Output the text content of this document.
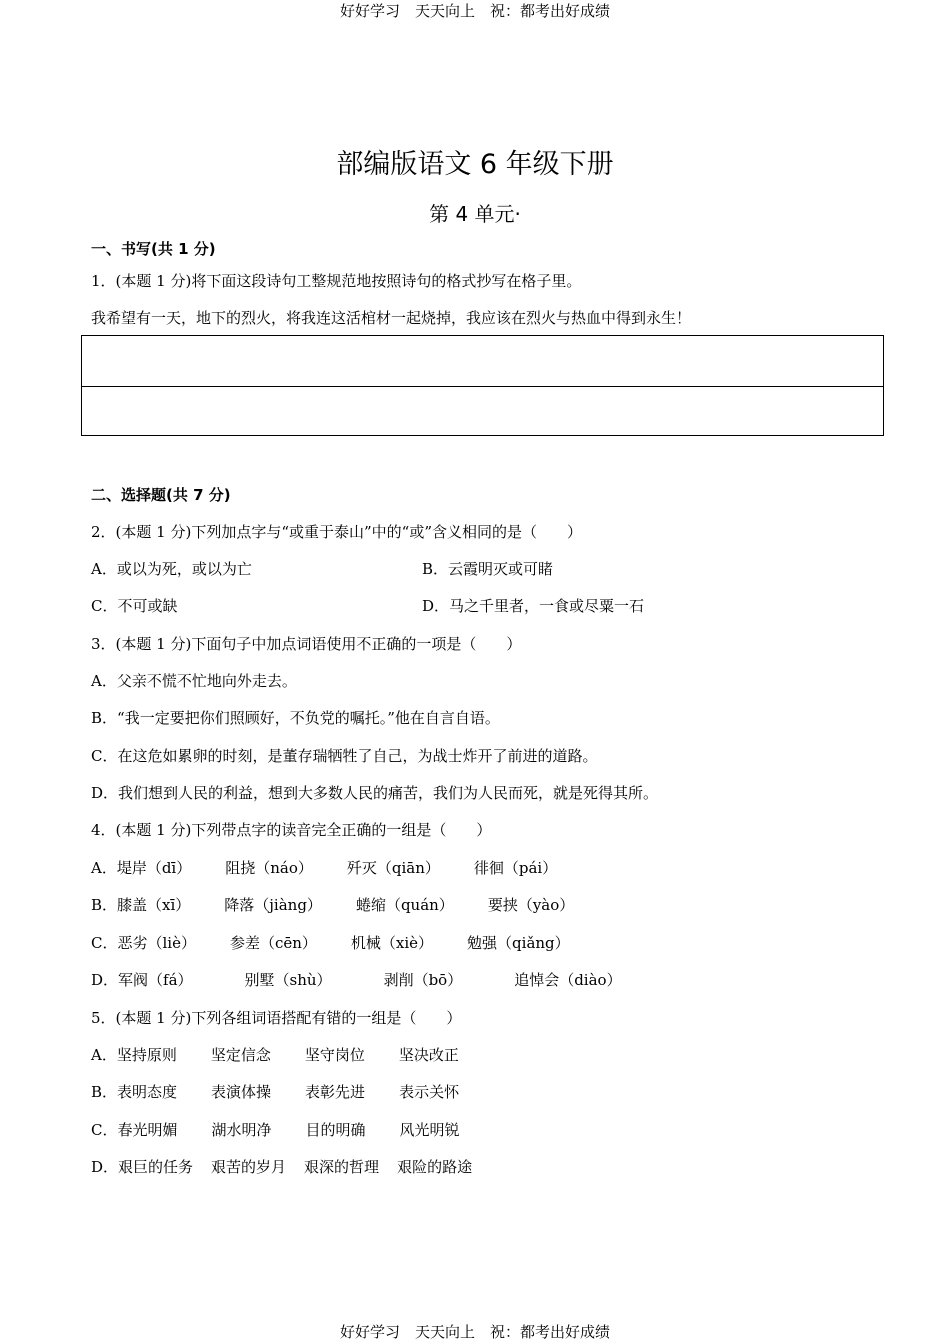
好好学习　天天向上　祝：都考出好成绩
部编版语文 6 年级下册
第 4 单元·
一、书写(共 1 分)
1．(本题 1 分)将下面这段诗句工整规范地按照诗句的格式抄写在格子里。
我希望有一天，地下的烈火，将我连这活棺材一起烧掉，我应该在烈火与热血中得到永生！
二、选择题(共 7 分)
2．(本题 1 分)下列加点字与“或重于泰山”中的“或”含义相同的是（　　）
A．或以为死，或以为亡	B．云霞明灭或可睹
C．不可或缺	D．马之千里者，一食或尽粟一石
3．(本题 1 分)下面句子中加点词语使用不正确的一项是（　　）
A．父亲不慌不忙地向外走去。
B．“我一定要把你们照顾好，不负党的嘱托。”他在自言自语。
C．在这危如累卵的时刻，是董存瑞牺牲了自己，为战士炸开了前进的道路。
D．我们想到人民的利益，想到大多数人民的痛苦，我们为人民而死，就是死得其所。
4．(本题 1 分)下列带点字的读音完全正确的一组是（　　）
A．堤岸（dī） 阻挠（náo） 歼灭（qiān） 徘徊（pái）
B．膝盖（xī） 降落（jiàng） 蜷缩（quán） 要挟（yào）
C．恶劣（liè） 参差（cēn） 机械（xiè） 勉强（qiǎng）
D．军阀（fá）	别墅（shù）	剥削（bō）	追悼会（diào）
5．(本题 1 分)下列各组词语搭配有错的一组是（　　）
A．坚持原则 坚定信念 坚守岗位 坚决改正
B．表明态度 表演体操 表彰先进 表示关怀
C．春光明媚 湖水明净 目的明确 风光明锐
D．艰巨的任务 艰苦的岁月 艰深的哲理 艰险的路途
好好学习　天天向上　祝：都考出好成绩
